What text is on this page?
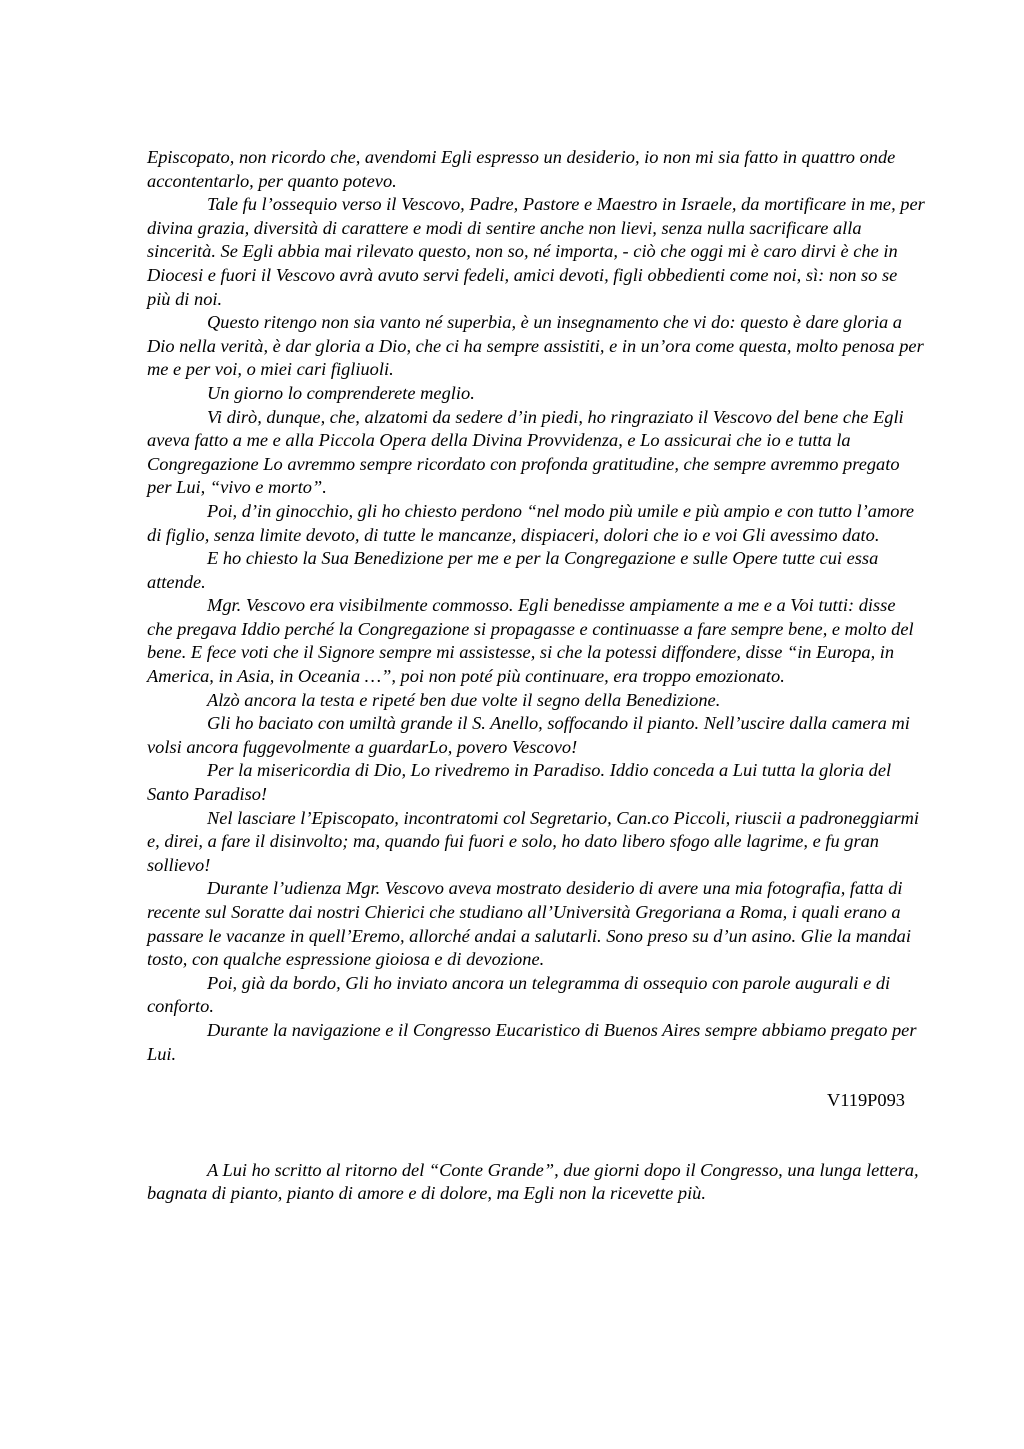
Episcopato, non ricordo che, avendomi Egli espresso un desiderio, io non mi sia fatto in quattro onde accontentarlo, per quanto potevo.

Tale fu l’ossequio verso il Vescovo, Padre, Pastore e Maestro in Israele, da mortificare in me, per divina grazia, diversità di carattere e modi di sentire anche non lievi, senza nulla sacrificare alla sincerità. Se Egli abbia mai rilevato questo, non so, né importa, - ciò che oggi mi è caro dirvi è che in Diocesi e fuori il Vescovo avrà avuto servi fedeli, amici devoti, figli obbedienti come noi, sì: non so se più di noi.

Questo ritengo non sia vanto né superbia, è un insegnamento che vi do: questo è dare gloria a Dio nella verità, è dar gloria a Dio, che ci ha sempre assistiti, e in un’ora come questa, molto penosa per me e per voi, o miei cari figliuoli.

Un giorno lo comprenderete meglio.

Vi dirò, dunque, che, alzatomi da sedere d’in piedi, ho ringraziato il Vescovo del bene che Egli aveva fatto a me e alla Piccola Opera della Divina Provvidenza, e Lo assicurai che io e tutta la Congregazione Lo avremmo sempre ricordato con profonda gratitudine, che sempre avremmo pregato per Lui, “vivo e morto”.

Poi, d’in ginocchio, gli ho chiesto perdono “nel modo più umile e più ampio e con tutto l’amore di figlio, senza limite devoto, di tutte le mancanze, dispiaceri, dolori che io e voi Gli avessimo dato.

E ho chiesto la Sua Benedizione per me e per la Congregazione e sulle Opere tutte cui essa attende.

Mgr. Vescovo era visibilmente commosso. Egli benedisse ampiamente a me e a Voi tutti: disse che pregava Iddio perché la Congregazione si propagasse e continuasse a fare sempre bene, e molto del bene. E fece voti che il Signore sempre mi assistesse, si che la potessi diffondere, disse “in Europa, in America, in Asia, in Oceania …”, poi non poté più continuare, era troppo emozionato.

Alzò ancora la testa e ripeté ben due volte il segno della Benedizione.

Gli ho baciato con umiltà grande il S. Anello, soffocando il pianto. Nell’uscire dalla camera mi volsi ancora fuggevolmente a guardarLo, povero Vescovo!

Per la misericordia di Dio, Lo rivedremo in Paradiso. Iddio conceda a Lui tutta la gloria del Santo Paradiso!

Nel lasciare l’Episcopato, incontratomi col Segretario, Can.co Piccoli, riuscii a padroneggiarmi e, direi, a fare il disinvolto; ma, quando fui fuori e solo, ho dato libero sfogo alle lagrime, e fu gran sollievo!

Durante l’udienza Mgr. Vescovo aveva mostrato desiderio di avere una mia fotografia, fatta di recente sul Soratte dai nostri Chierici che studiano all’Università Gregoriana a Roma, i quali erano a passare le vacanze in quell’Eremo, allorché andai a salutarli. Sono preso su d’un asino. Glie la mandai tosto, con qualche espressione gioiosa e di devozione.

Poi, già da bordo, Gli ho inviato ancora un telegramma di ossequio con parole augurali e di conforto.

Durante la navigazione e il Congresso Eucaristico di Buenos Aires sempre abbiamo pregato per Lui.

V119P093

A Lui ho scritto al ritorno del “Conte Grande”, due giorni dopo il Congresso, una lunga lettera, bagnata di pianto, pianto di amore e di dolore, ma Egli non la ricevette più.
